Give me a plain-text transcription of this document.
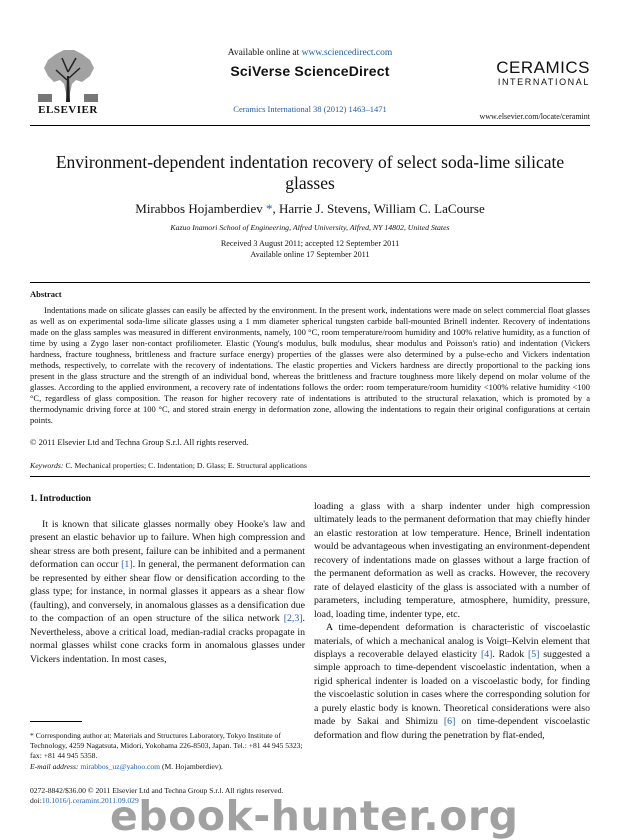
ELSEVIER
Available online at www.sciencedirect.com
SciVerse ScienceDirect
Ceramics International 38 (2012) 1463–1471
CERAMICS
INTERNATIONAL
www.elsevier.com/locate/ceramint
Environment-dependent indentation recovery of select soda-lime silicate glasses
Mirabbos Hojamberdiev *, Harrie J. Stevens, William C. LaCourse
Kazuo Inamori School of Engineering, Alfred University, Alfred, NY 14802, United States
Received 3 August 2011; accepted 12 September 2011
Available online 17 September 2011
Abstract
Indentations made on silicate glasses can easily be affected by the environment. In the present work, indentations were made on select commercial float glasses as well as on experimental soda-lime silicate glasses using a 1 mm diameter spherical tungsten carbide ball-mounted Brinell indenter. Recovery of indentations made on the glass samples was measured in different environments, namely, 100 °C, room temperature/room humidity and 100% relative humidity, as a function of time by using a Zygo laser non-contact profiliometer. Elastic (Young's modulus, bulk modulus, shear modulus and Poisson's ratio) and indentation (Vickers hardness, fracture toughness, brittleness and fracture surface energy) properties of the glasses were also determined by a pulse-echo and Vickers indentation methods, respectively, to correlate with the recovery of indentations. The elastic properties and Vickers hardness are directly proportional to the packing ions present in the glass structure and the strength of an individual bond, whereas the brittleness and fracture toughness more likely depend on molar volume of the glasses. According to the applied environment, a recovery rate of indentations follows the order: room temperature/room humidity <100% relative humidity <100 °C, regardless of glass composition. The reason for higher recovery rate of indentations is attributed to the structural relaxation, which is promoted by a thermodynamic driving force at 100 °C, and stored strain energy in deformation zone, allowing the indentations to regain their original configurations at certain points.
© 2011 Elsevier Ltd and Techna Group S.r.l. All rights reserved.
Keywords: C. Mechanical properties; C. Indentation; D. Glass; E. Structural applications
1. Introduction
It is known that silicate glasses normally obey Hooke's law and present an elastic behavior up to failure. When high compression and shear stress are both present, failure can be inhibited and a permanent deformation can occur [1]. In general, the permanent deformation can be represented by either shear flow or densification according to the glass type; for instance, in normal glasses it appears as a shear flow (faulting), and conversely, in anomalous glasses as a densification due to the compaction of an open structure of the silica network [2,3]. Nevertheless, above a critical load, median-radial cracks propagate in normal glasses whilst cone cracks form in anomalous glasses under Vickers indentation. In most cases,

loading a glass with a sharp indenter under high compression ultimately leads to the permanent deformation that may chiefly hinder an elastic restoration at low temperature. Hence, Brinell indentation would be advantageous when investigating an environment-dependent recovery of indentations made on glasses without a large fraction of the permanent deformation as well as cracks. However, the recovery rate of delayed elasticity of the glass is associated with a number of parameters, including temperature, atmosphere, humidity, pressure, load, loading time, indenter type, etc.

A time-dependent deformation is characteristic of viscoelastic materials, of which a mechanical analog is Voigt–Kelvin element that displays a recoverable delayed elasticity [4]. Radok [5] suggested a simple approach to time-dependent viscoelastic indentation, when a rigid spherical indenter is loaded on a viscoelastic body, for finding the viscoelastic solution in cases where the corresponding solution for a purely elastic body is known. Theoretical considerations were also made by Sakai and Shimizu [6] on time-dependent viscoelastic deformation and flow during the penetration by flat-ended,

* Corresponding author at: Materials and Structures Laboratory, Tokyo Institute of Technology, 4259 Nagatsuta, Midori, Yokohama 226-8503, Japan. Tel.: +81 44 945 5323; fax: +81 44 945 5358.
E-mail address: mirabbos_uz@yahoo.com (M. Hojamberdiev).
0272-8842/$36.00 © 2011 Elsevier Ltd and Techna Group S.r.l. All rights reserved.
doi:10.1016/j.ceramint.2011.09.029
ebook-hunter.org
